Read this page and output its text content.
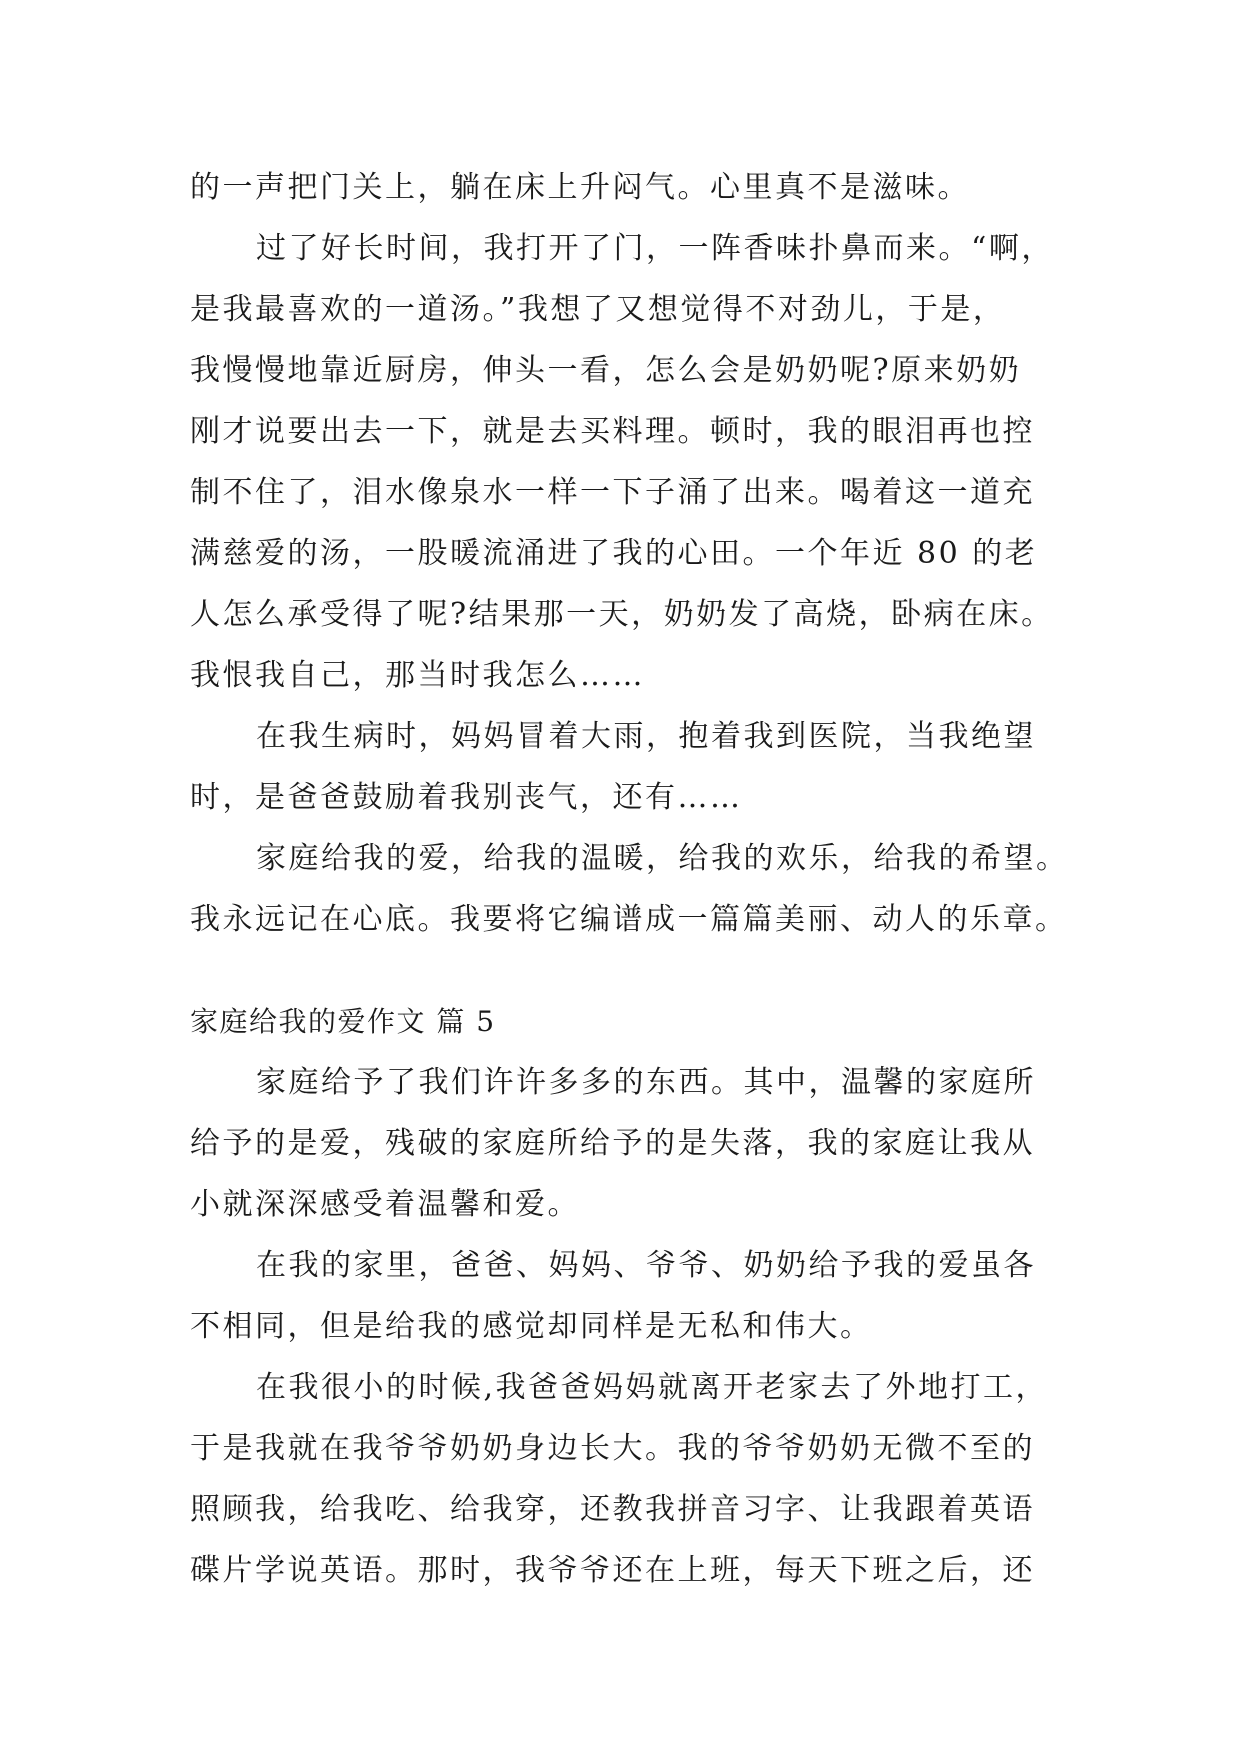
的一声把门关上，躺在床上升闷气。心里真不是滋味。
过了好长时间，我打开了门，一阵香味扑鼻而来。“啊，
是我最喜欢的一道汤。”我想了又想觉得不对劲儿，于是，
我慢慢地靠近厨房，伸头一看，怎么会是奶奶呢?原来奶奶
刚才说要出去一下，就是去买料理。顿时，我的眼泪再也控
制不住了，泪水像泉水一样一下子涌了出来。喝着这一道充
满慈爱的汤，一股暖流涌进了我的心田。一个年近 80 的老
人怎么承受得了呢?结果那一天，奶奶发了高烧，卧病在床。
我恨我自己，那当时我怎么……
在我生病时，妈妈冒着大雨，抱着我到医院，当我绝望
时，是爸爸鼓励着我别丧气，还有……
家庭给我的爱，给我的温暖，给我的欢乐，给我的希望。
我永远记在心底。我要将它编谱成一篇篇美丽、动人的乐章。
家庭给我的爱作文 篇 5
家庭给予了我们许许多多的东西。其中，温馨的家庭所
给予的是爱，残破的家庭所给予的是失落，我的家庭让我从
小就深深感受着温馨和爱。
在我的家里，爸爸、妈妈、爷爷、奶奶给予我的爱虽各
不相同，但是给我的感觉却同样是无私和伟大。
在我很小的时候,我爸爸妈妈就离开老家去了外地打工，
于是我就在我爷爷奶奶身边长大。我的爷爷奶奶无微不至的
照顾我，给我吃、给我穿，还教我拼音习字、让我跟着英语
碟片学说英语。那时，我爷爷还在上班，每天下班之后，还
